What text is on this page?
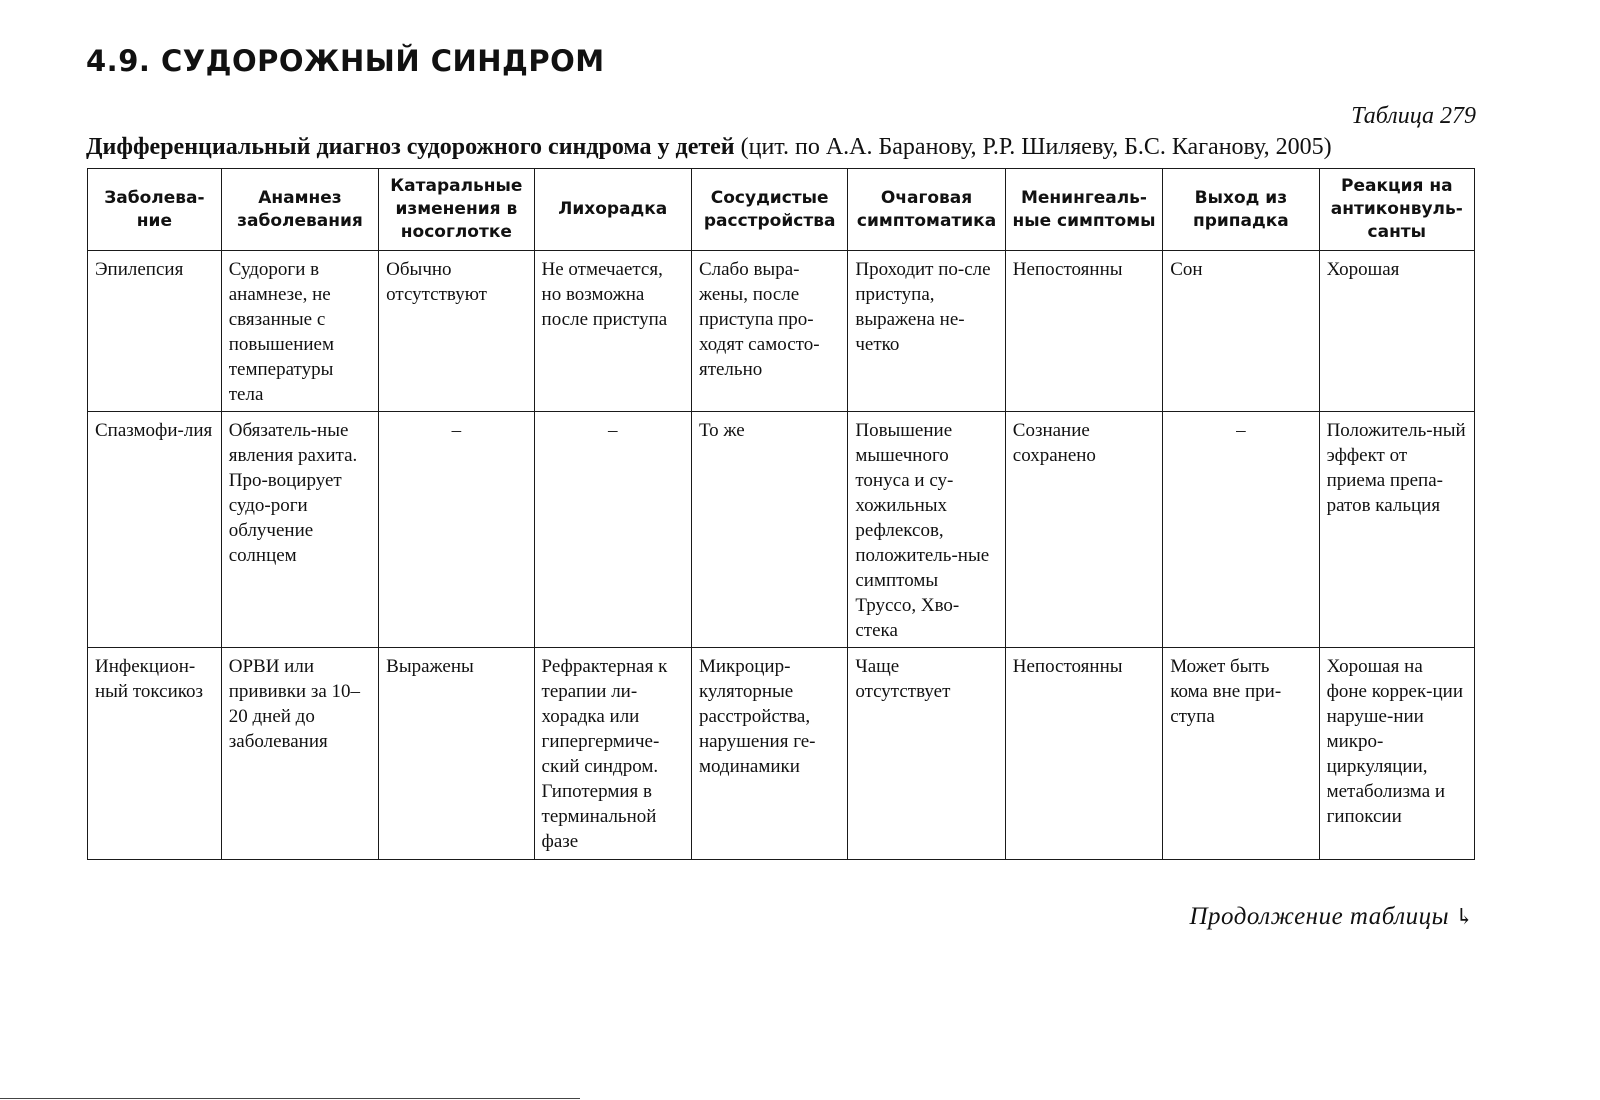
4.9. СУДОРОЖНЫЙ СИНДРОМ
Таблица 279
Дифференциальный диагноз судорожного синдрома у детей (цит. по А.А. Баранову, Р.Р. Шиляеву, Б.С. Каганову, 2005)
Заболева-ние	Анамнез заболевания	Катаральные изменения в носоглотке	Лихорадка	Сосудистые расстройства	Очаговая симптоматика	Менингеаль-ные симптомы	Выход из припадка	Реакция на антиконвуль-санты
Эпилепсия	Судороги в анамнезе, не связанные с повышением температуры тела	Обычно отсутствуют	Не отмечается, но возможна после приступа	Слабо выра-жены, после приступа про-ходят самосто-ятельно	Проходит по-сле приступа, выражена не-четко	Непостоянны	Сон	Хорошая
Спазмофи-лия	Обязатель-ные явления рахита. Про-воцирует судо-роги облучение солнцем	–	–	То же	Повышение мышечного тонуса и су-хожильных рефлексов, положитель-ные симптомы Труссо, Хво-стека	Сознание сохранено	–	Положитель-ный эффект от приема препа-ратов кальция
Инфекцион-ный токсикоз	ОРВИ или прививки за 10–20 дней до заболевания	Выражены	Рефрактерная к терапии ли-хорадка или гипергермиче-ский синдром. Гипотермия в терминальной фазе	Микроцир-куляторные расстройства, нарушения ге-модинамики	Чаще отсутствует	Непостоянны	Может быть кома вне при-ступа	Хорошая на фоне коррек-ции наруше-нии микро-циркуляции, метаболизма и гипоксии
Продолжение таблицы ↳
